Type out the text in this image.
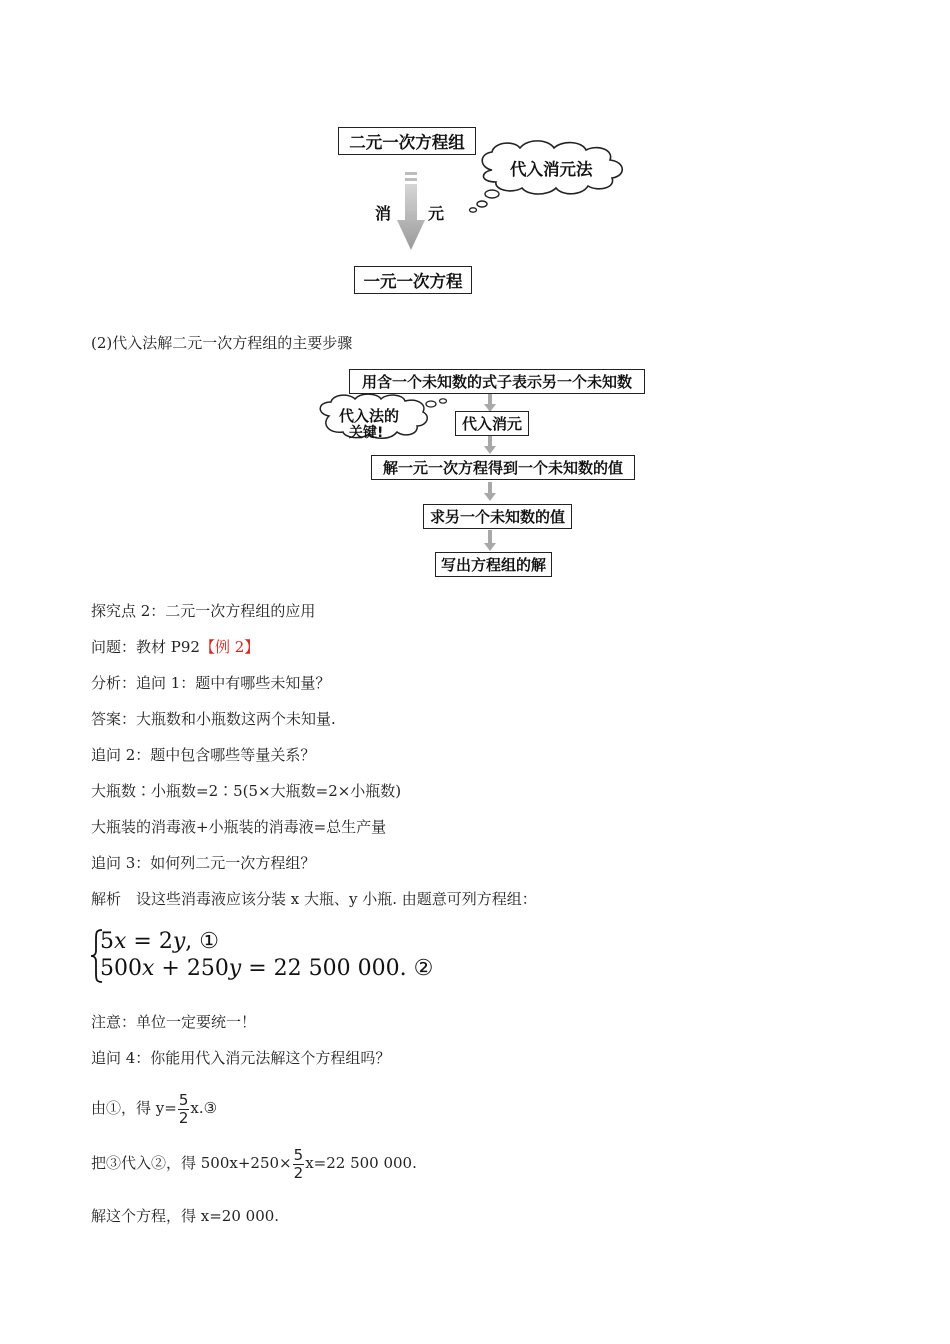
二元一次方程组
代入消元法
消 元
一元一次方程
(2)代入法解二元一次方程组的主要步骤
用含一个未知数的式子表示另一个未知数
代入法的
关键!	代入消元
解一元一次方程得到一个未知数的值
求另一个未知数的值
写出方程组的解
探究点 2：二元一次方程组的应用
问题：教材 P92【例 2】
分析：追问 1：题中有哪些未知量？
答案：大瓶数和小瓶数这两个未知量.
追问 2：题中包含哪些等量关系？
大瓶数∶小瓶数=2∶5(5×大瓶数=2×小瓶数)
大瓶装的消毒液+小瓶装的消毒液=总生产量
追问 3：如何列二元一次方程组？
解析　设这些消毒液应该分装 x 大瓶、y 小瓶. 由题意可列方程组：
5𝑥 = 2𝑦, ①
500𝑥 + 250𝑦 = 22 500 000. ②
注意：单位一定要统一！
追问 4：你能用代入消元法解这个方程组吗？
由①，得 $y= \frac{5}{2}$ x.③
把③代入②，得 $500x+250\times \frac{5}{2} x=22$ 500 000.
解这个方程，得 x=20 000.
